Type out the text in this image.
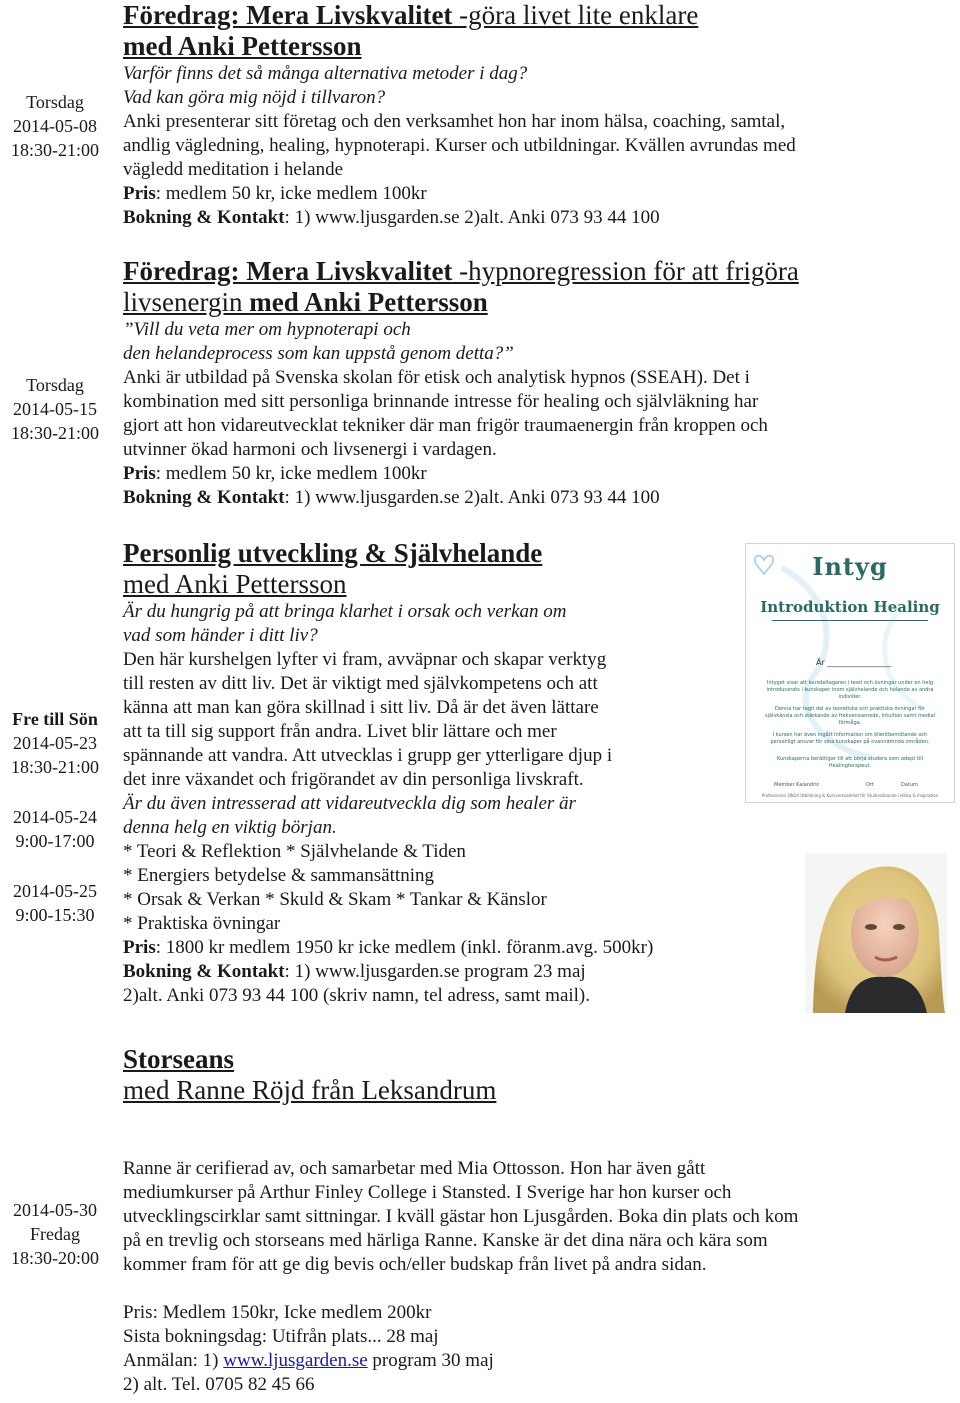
Torsdag
2014-05-08
18:30-21:00
Föredrag: Mera Livskvalitet -göra livet lite enklare
med Anki Pettersson

Varför finns det så många alternativa metoder i dag?

Vad kan göra mig nöjd i tillvaron?

Anki presenterar sitt företag och den verksamhet hon har inom hälsa, coaching, samtal,

andlig vägledning, healing, hypnoterapi. Kurser och utbildningar. Kvällen avrundas med

vägledd meditation i helande

Pris: medlem 50 kr, icke medlem 100kr

Bokning & Kontakt: 1) www.ljusgarden.se 2)alt. Anki 073 93 44 100

Torsdag
2014-05-15
18:30-21:00
Föredrag: Mera Livskvalitet -hypnoregression för att frigöra
livsenergin med Anki Pettersson

”Vill du veta mer om hypnoterapi och

den helandeprocess som kan uppstå genom detta?”

Anki är utbildad på Svenska skolan för etisk och analytisk hypnos (SSEAH). Det i

kombination med sitt personliga brinnande intresse för healing och självläkning har

gjort att hon vidareutvecklat tekniker där man frigör traumaenergin från kroppen och

utvinner ökad harmoni och livsenergi i vardagen.

Pris: medlem 50 kr, icke medlem 100kr

Bokning & Kontakt: 1) www.ljusgarden.se 2)alt. Anki 073 93 44 100

Fre till Sön
2014-05-23
18:30-21:00
2014-05-24
9:00-17:00
2014-05-25
9:00-15:30
Personlig utveckling & Självhelande
med Anki Pettersson

Är du hungrig på att bringa klarhet i orsak och verkan om

vad som händer i ditt liv?

Den här kurshelgen lyfter vi fram, avväpnar och skapar verktyg

till resten av ditt liv. Det är viktigt med självkompetens och att

känna att man kan göra skillnad i sitt liv. Då är det även lättare

att ta till sig support från andra. Livet blir lättare och mer

spännande att vandra. Att utvecklas i grupp ger ytterligare djup i

det inre växandet och frigörandet av din personliga livskraft.

Är du även intresserad att vidareutveckla dig som healer är

denna helg en viktig början.

* Teori & Reflektion * Självhelande & Tiden

* Energiers betydelse & sammansättning

* Orsak & Verkan * Skuld & Skam * Tankar & Känslor

* Praktiska övningar

Pris: 1800 kr medlem 1950 kr icke medlem (inkl. föranm.avg. 500kr)

Bokning & Kontakt: 1) www.ljusgarden.se program 23 maj

2)alt. Anki 073 93 44 100 (skriv namn, tel adress, samt mail).

Intyg
Introduktion Healing
Är ________________
Intyget visar att kursdeltagaren i teori och övningar under en helg introducerats i kunskaper inom självhelande och helande av andra individer.
Denna har tagit del av teoretiska och praktiska övningar för självkänsla och stärkande av frekvenssenede, intuition samt medial förmåga.
I kursen har även ingått Information om klientbemötande och personligt ansvar för sina kunskaper på ovannämnda områden.
Kunskaperna berättigar till att börja studera som adept till Healingterapeut.
Member Kalandric	Ort	Datum
Professional 3IN1A Utbildning & Kursverksamhet för Studiesökande i Hälsa & Inspiration
2014-05-30
Fredag
18:30-20:00
Storseans
med Ranne Röjd från Leksandrum

Ranne är cerifierad av, och samarbetar med Mia Ottosson. Hon har även gått

mediumkurser på Arthur Finley College i Stansted. I Sverige har hon kurser och

utvecklingscirklar samt sittningar. I kväll gästar hon Ljusgården. Boka din plats och kom

på en trevlig och storseans med härliga Ranne. Kanske är det dina nära och kära som

kommer fram för att ge dig bevis och/eller budskap från livet på andra sidan.

Pris: Medlem 150kr, Icke medlem 200kr

Sista bokningsdag: Utifrån plats... 28 maj

Anmälan: 1) www.ljusgarden.se program 30 maj

2) alt. Tel. 0705 82 45 66
